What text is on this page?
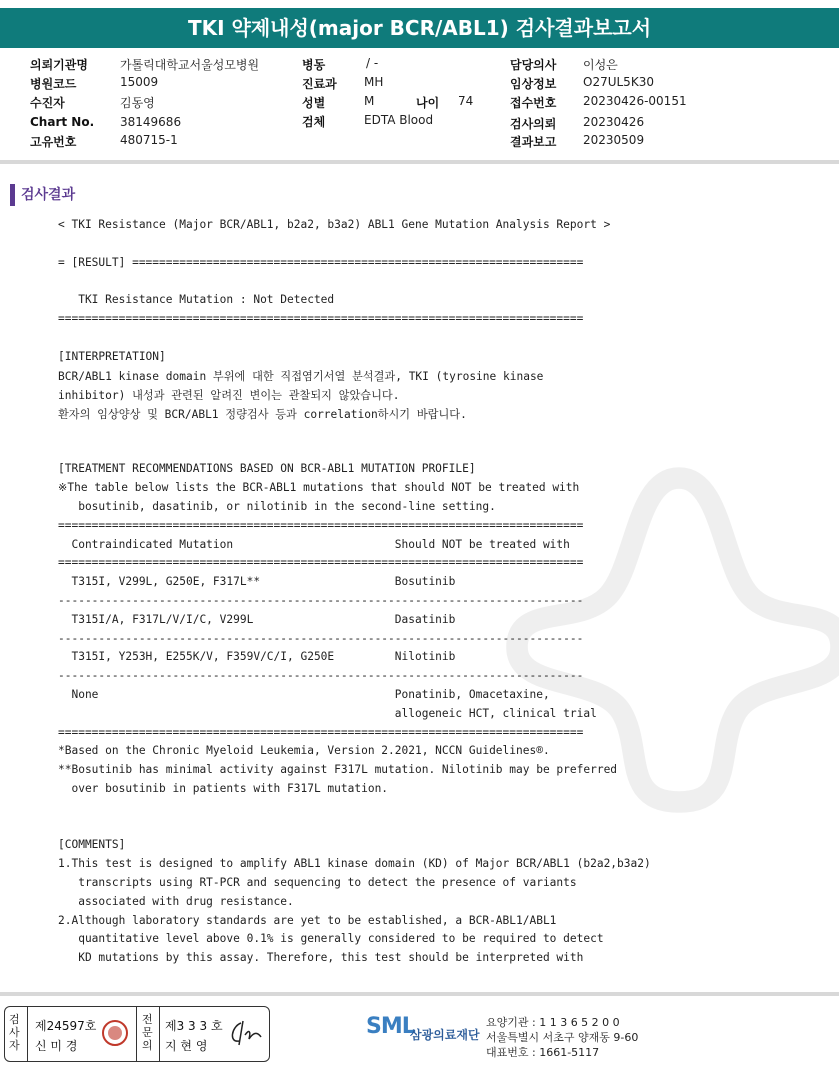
TKI 약제내성(major BCR/ABL1) 검사결과보고서
의뢰기관명	가톨릭대학교서울성모병원
병원코드	15009
수진자	김동영
Chart No. 38149686
고유번호	480715-1
병동	/ -
진료과 MH
성별	M	나이 74
검체	EDTA Blood
담당의사 이성은
임상정보 O27UL5K30
접수번호 20230426-00151
검사의뢰 20230426
결과보고 20230509
검사결과
< TKI Resistance (Major BCR/ABL1, b2a2, b3a2) ABL1 Gene Mutation Analysis Report >
= [RESULT] ===================================================================
TKI Resistance Mutation : Not Detected
==============================================================================
[INTERPRETATION]
BCR/ABL1 kinase domain 부위에 대한 직접염기서열 분석결과, TKI (tyrosine kinase
inhibitor) 내성과 관련된 알려진 변이는 관찰되지 않았습니다.
환자의 임상양상 및 BCR/ABL1 정량검사 등과 correlation하시기 바랍니다.
[TREATMENT RECOMMENDATIONS BASED ON BCR-ABL1 MUTATION PROFILE]
※The table below lists the BCR-ABL1 mutations that should NOT be treated with
bosutinib, dasatinib, or nilotinib in the second-line setting.
==============================================================================
Contraindicated Mutation                        Should NOT be treated with
==============================================================================
T315I, V299L, G250E, F317L**                    Bosutinib
------------------------------------------------------------------------------
T315I/A, F317L/V/I/C, V299L                     Dasatinib
------------------------------------------------------------------------------
T315I, Y253H, E255K/V, F359V/C/I, G250E         Nilotinib
------------------------------------------------------------------------------
None                                            Ponatinib, Omacetaxine,
allogeneic HCT, clinical trial
==============================================================================
*Based on the Chronic Myeloid Leukemia, Version 2.2021, NCCN Guidelines®.
**Bosutinib has minimal activity against F317L mutation. Nilotinib may be preferred
over bosutinib in patients with F317L mutation.
[COMMENTS]
1.This test is designed to amplify ABL1 kinase domain (KD) of Major BCR/ABL1 (b2a2,b3a2)
transcripts using RT-PCR and sequencing to detect the presence of variants
associated with drug resistance.
2.Although laboratory standards are yet to be established, a BCR-ABL1/ABL1
quantitative level above 0.1% is generally considered to be required to detect
KD mutations by this assay. Therefore, this test should be interpreted with
검사자
제24597호
신 미 경
전문의
제3 3 3 호
지 현 영
SML
삼광의료재단
요양기관 : 1 1 3 6 5 2 0 0
서울특별시 서초구 양재동 9-60
대표번호 : 1661-5117
